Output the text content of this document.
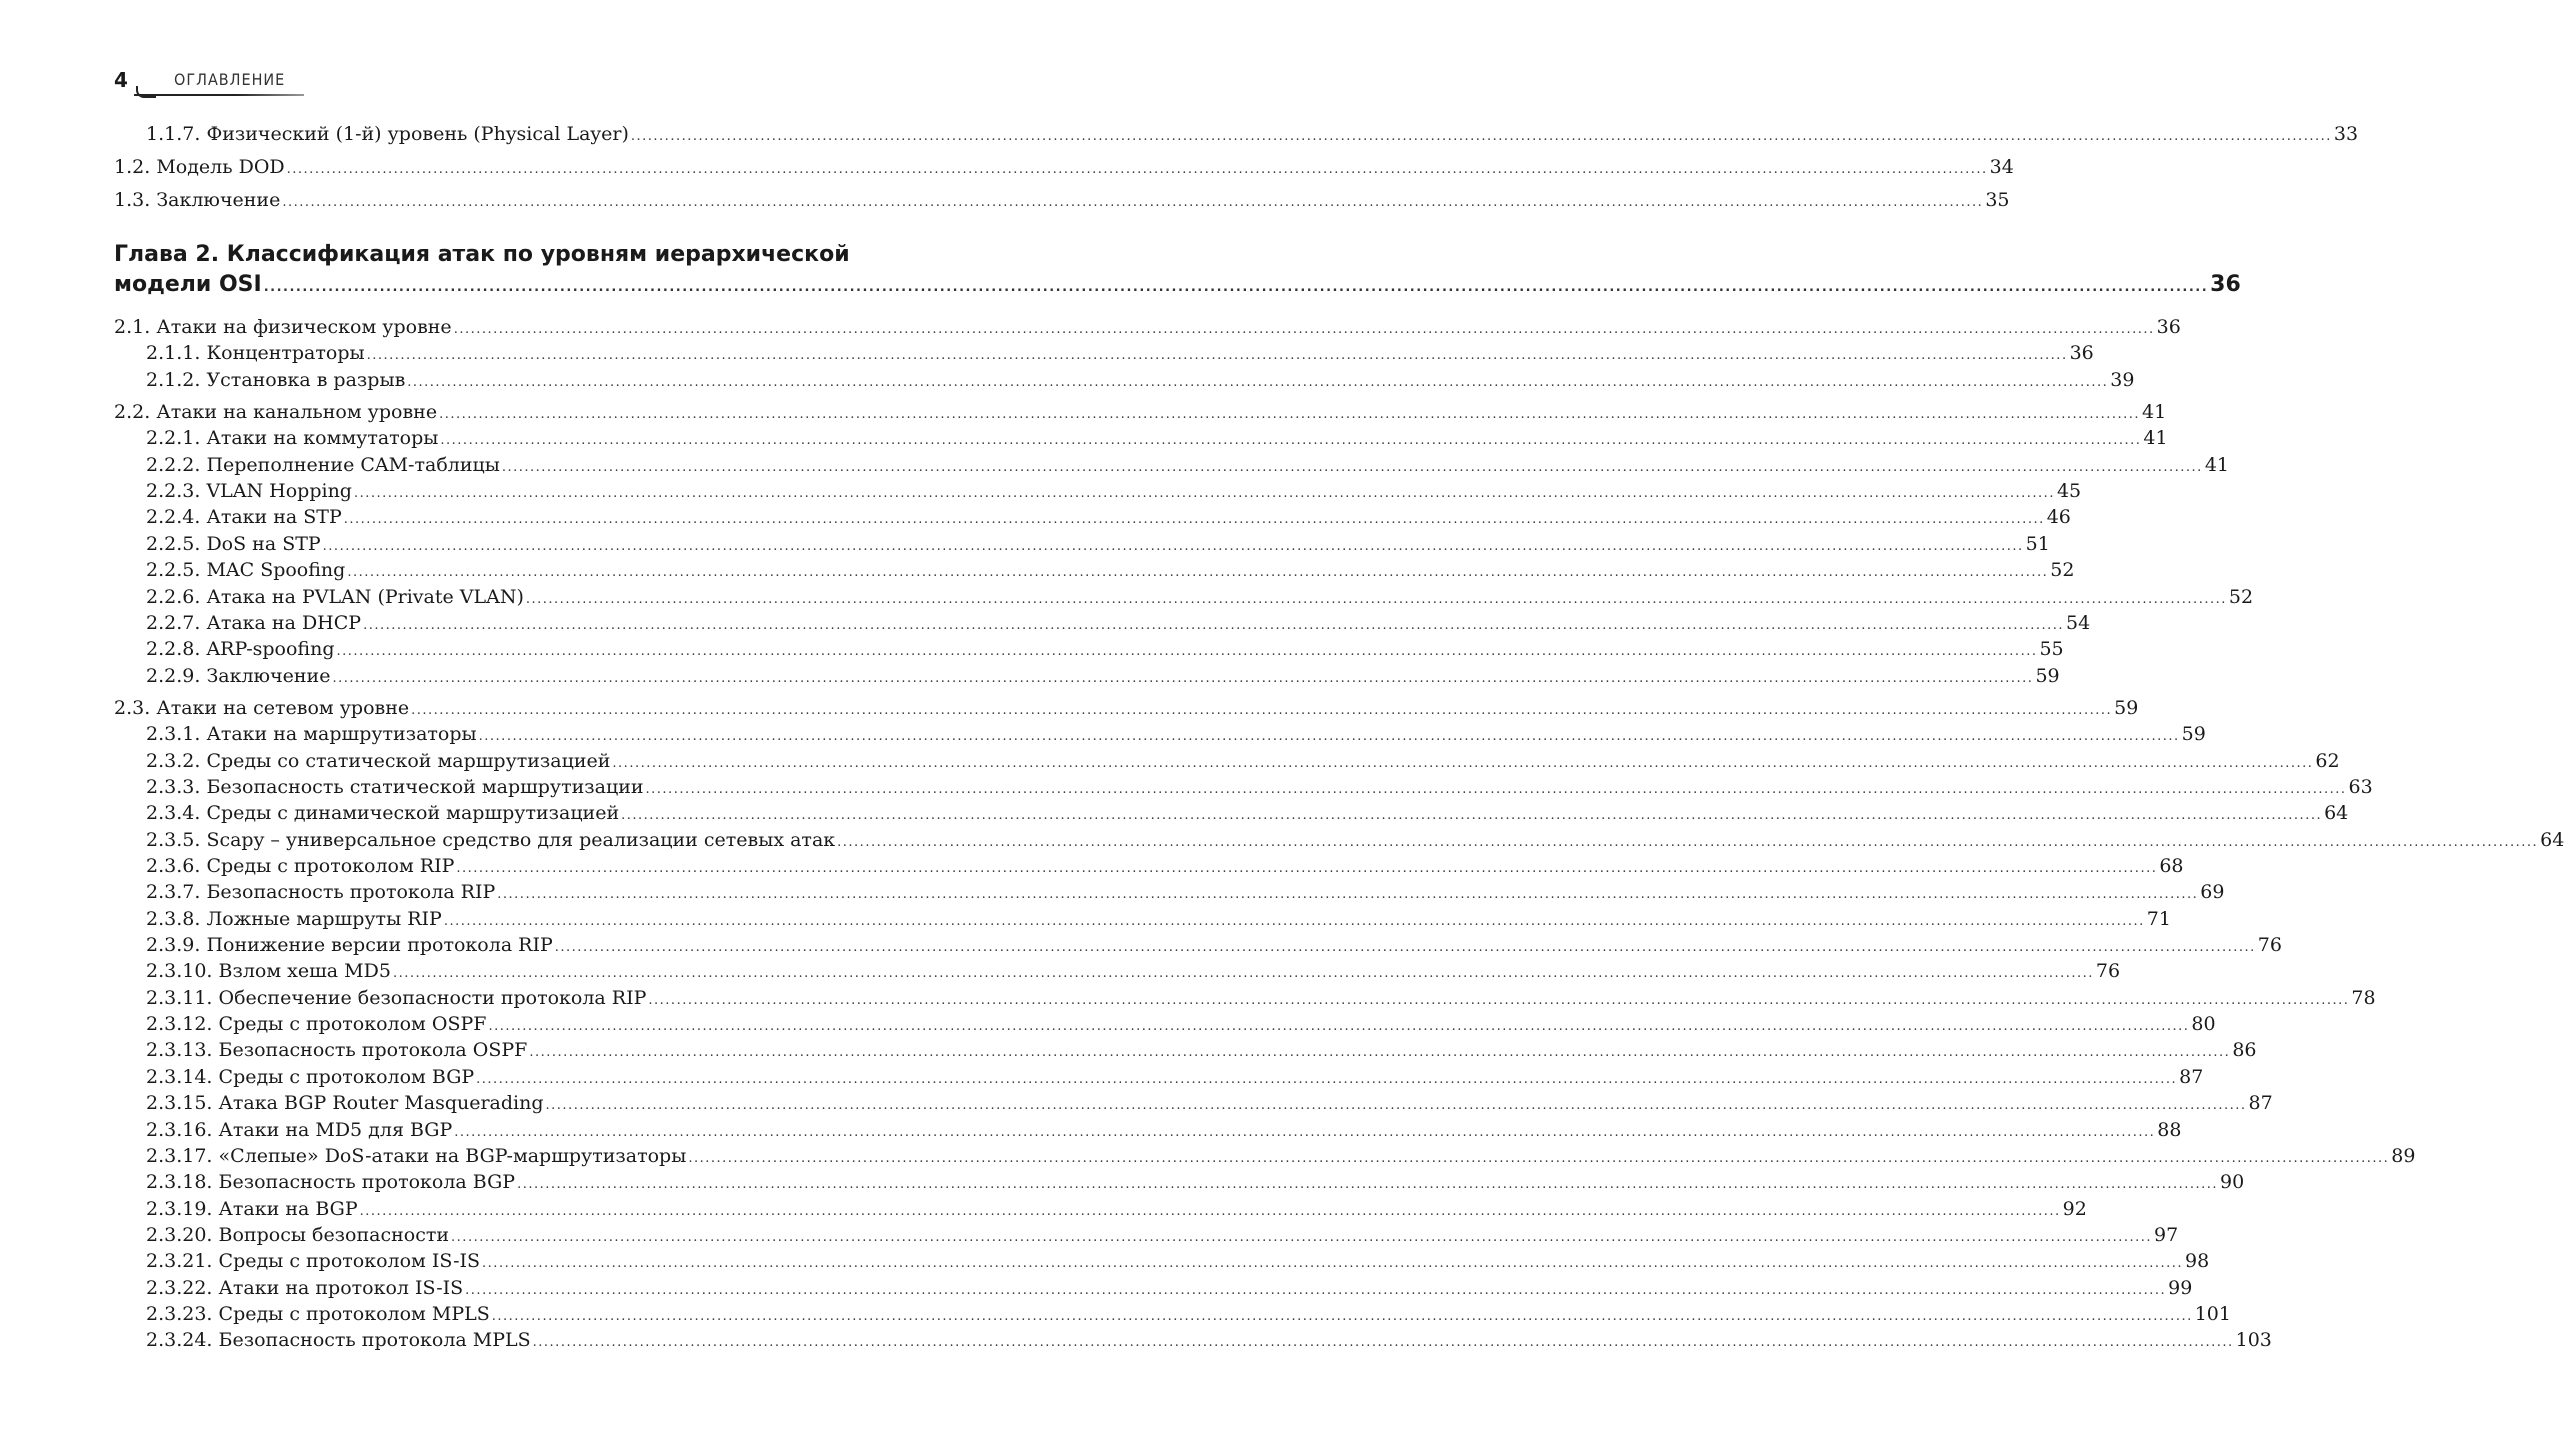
4	ОГЛАВЛЕНИЕ
Глава 2. Классификация атак по уровням иерархической
модели OSI .............................................................................................................................................................................................................................................................................................................. 36
1.1.7. Физический (1-й) уровень (Physical Layer) .............................................................................................................................................................................................................................................................................................................. 33
1.2. Модель DOD .............................................................................................................................................................................................................................................................................................................. 34
1.3. Заключение .............................................................................................................................................................................................................................................................................................................. 35
2.1. Атаки на физическом уровне .............................................................................................................................................................................................................................................................................................................. 36
2.1.1. Концентраторы .............................................................................................................................................................................................................................................................................................................. 36
2.1.2. Установка в разрыв .............................................................................................................................................................................................................................................................................................................. 39
2.2. Атаки на канальном уровне .............................................................................................................................................................................................................................................................................................................. 41
2.2.1. Атаки на коммутаторы .............................................................................................................................................................................................................................................................................................................. 41
2.2.2. Переполнение CAM-таблицы .............................................................................................................................................................................................................................................................................................................. 41
2.2.3. VLAN Hopping .............................................................................................................................................................................................................................................................................................................. 45
2.2.4. Атаки на STP .............................................................................................................................................................................................................................................................................................................. 46
2.2.5. DoS на STP .............................................................................................................................................................................................................................................................................................................. 51
2.2.5. MAC Spoofing .............................................................................................................................................................................................................................................................................................................. 52
2.2.6. Атака на PVLAN (Private VLAN) .............................................................................................................................................................................................................................................................................................................. 52
2.2.7. Атака на DHCP .............................................................................................................................................................................................................................................................................................................. 54
2.2.8. ARP-spoofing .............................................................................................................................................................................................................................................................................................................. 55
2.2.9. Заключение .............................................................................................................................................................................................................................................................................................................. 59
2.3. Атаки на сетевом уровне .............................................................................................................................................................................................................................................................................................................. 59
2.3.1. Атаки на маршрутизаторы .............................................................................................................................................................................................................................................................................................................. 59
2.3.2. Среды со статической маршрутизацией .............................................................................................................................................................................................................................................................................................................. 62
2.3.3. Безопасность статической маршрутизации .............................................................................................................................................................................................................................................................................................................. 63
2.3.4. Среды с динамической маршрутизацией .............................................................................................................................................................................................................................................................................................................. 64
2.3.5. Scapy – универсальное средство для реализации сетевых атак .............................................................................................................................................................................................................................................................................................................. 64
2.3.6. Среды с протоколом RIP .............................................................................................................................................................................................................................................................................................................. 68
2.3.7. Безопасность протокола RIP .............................................................................................................................................................................................................................................................................................................. 69
2.3.8. Ложные маршруты RIP .............................................................................................................................................................................................................................................................................................................. 71
2.3.9. Понижение версии протокола RIP .............................................................................................................................................................................................................................................................................................................. 76
2.3.10. Взлом хеша MD5 .............................................................................................................................................................................................................................................................................................................. 76
2.3.11. Обеспечение безопасности протокола RIP .............................................................................................................................................................................................................................................................................................................. 78
2.3.12. Среды с протоколом OSPF .............................................................................................................................................................................................................................................................................................................. 80
2.3.13. Безопасность протокола OSPF .............................................................................................................................................................................................................................................................................................................. 86
2.3.14. Среды с протоколом BGP .............................................................................................................................................................................................................................................................................................................. 87
2.3.15. Атака BGP Router Masquerading .............................................................................................................................................................................................................................................................................................................. 87
2.3.16. Атаки на MD5 для BGP .............................................................................................................................................................................................................................................................................................................. 88
2.3.17. «Слепые» DoS-атаки на BGP-маршрутизаторы .............................................................................................................................................................................................................................................................................................................. 89
2.3.18. Безопасность протокола BGP .............................................................................................................................................................................................................................................................................................................. 90
2.3.19. Атаки на BGP .............................................................................................................................................................................................................................................................................................................. 92
2.3.20. Вопросы безопасности .............................................................................................................................................................................................................................................................................................................. 97
2.3.21. Среды с протоколом IS-IS .............................................................................................................................................................................................................................................................................................................. 98
2.3.22. Атаки на протокол IS-IS .............................................................................................................................................................................................................................................................................................................. 99
2.3.23. Среды с протоколом MPLS .............................................................................................................................................................................................................................................................................................................. 101
2.3.24. Безопасность протокола MPLS .............................................................................................................................................................................................................................................................................................................. 103
